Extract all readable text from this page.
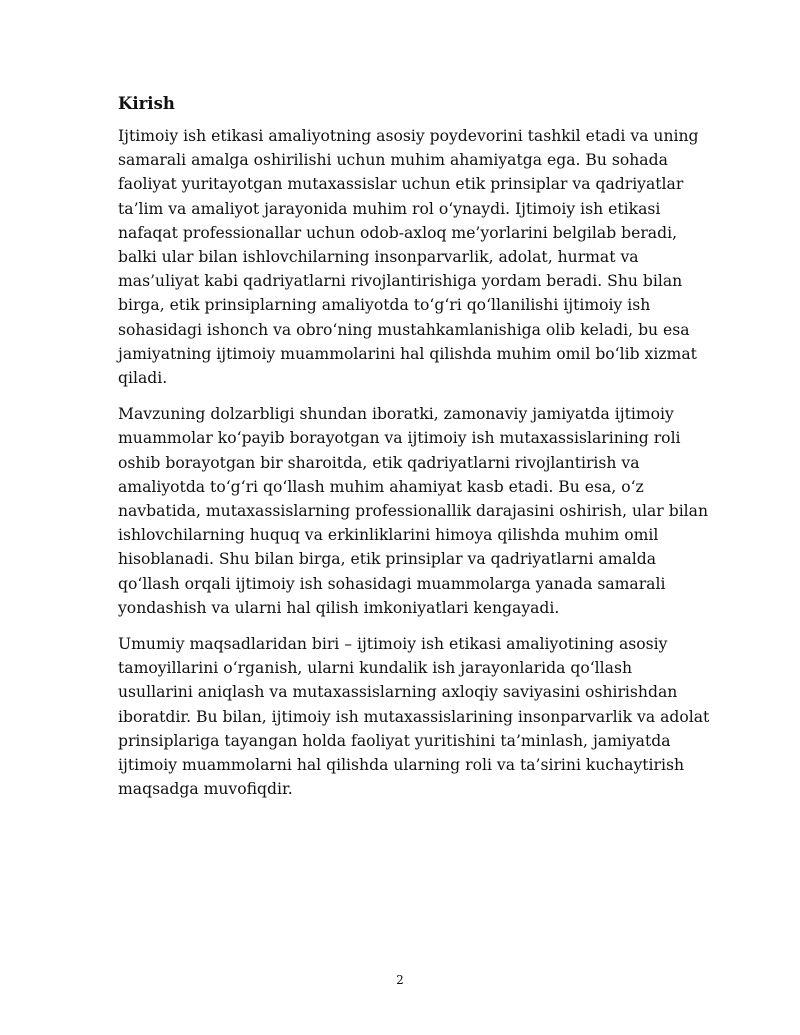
Kirish

Ijtimoiy ish etikasi amaliyotning asosiy poydevorini tashkil etadi va uning
samarali amalga oshirilishi uchun muhim ahamiyatga ega. Bu sohada
faoliyat yuritayotgan mutaxassislar uchun etik prinsiplar va qadriyatlar
ta’lim va amaliyot jarayonida muhim rol o‘ynaydi. Ijtimoiy ish etikasi
nafaqat professionallar uchun odob-axloq me’yorlarini belgilab beradi,
balki ular bilan ishlovchilarning insonparvarlik, adolat, hurmat va
mas’uliyat kabi qadriyatlarni rivojlantirishiga yordam beradi. Shu bilan
birga, etik prinsiplarning amaliyotda to‘g‘ri qo‘llanilishi ijtimoiy ish
sohasidagi ishonch va obro‘ning mustahkamlanishiga olib keladi, bu esa
jamiyatning ijtimoiy muammolarini hal qilishda muhim omil bo‘lib xizmat
qiladi.

Mavzuning dolzarbligi shundan iboratki, zamonaviy jamiyatda ijtimoiy
muammolar ko‘payib borayotgan va ijtimoiy ish mutaxassislarining roli
oshib borayotgan bir sharoitda, etik qadriyatlarni rivojlantirish va
amaliyotda to‘g‘ri qo‘llash muhim ahamiyat kasb etadi. Bu esa, o‘z
navbatida, mutaxassislarning professionallik darajasini oshirish, ular bilan
ishlovchilarning huquq va erkinliklarini himoya qilishda muhim omil
hisoblanadi. Shu bilan birga, etik prinsiplar va qadriyatlarni amalda
qo‘llash orqali ijtimoiy ish sohasidagi muammolarga yanada samarali
yondashish va ularni hal qilish imkoniyatlari kengayadi.

Umumiy maqsadlaridan biri – ijtimoiy ish etikasi amaliyotining asosiy
tamoyillarini o‘rganish, ularni kundalik ish jarayonlarida qo‘llash
usullarini aniqlash va mutaxassislarning axloqiy saviyasini oshirishdan
iboratdir. Bu bilan, ijtimoiy ish mutaxassislarining insonparvarlik va adolat
prinsiplariga tayangan holda faoliyat yuritishini ta’minlash, jamiyatda
ijtimoiy muammolarni hal qilishda ularning roli va ta’sirini kuchaytirish
maqsadga muvofiqdir.

2
